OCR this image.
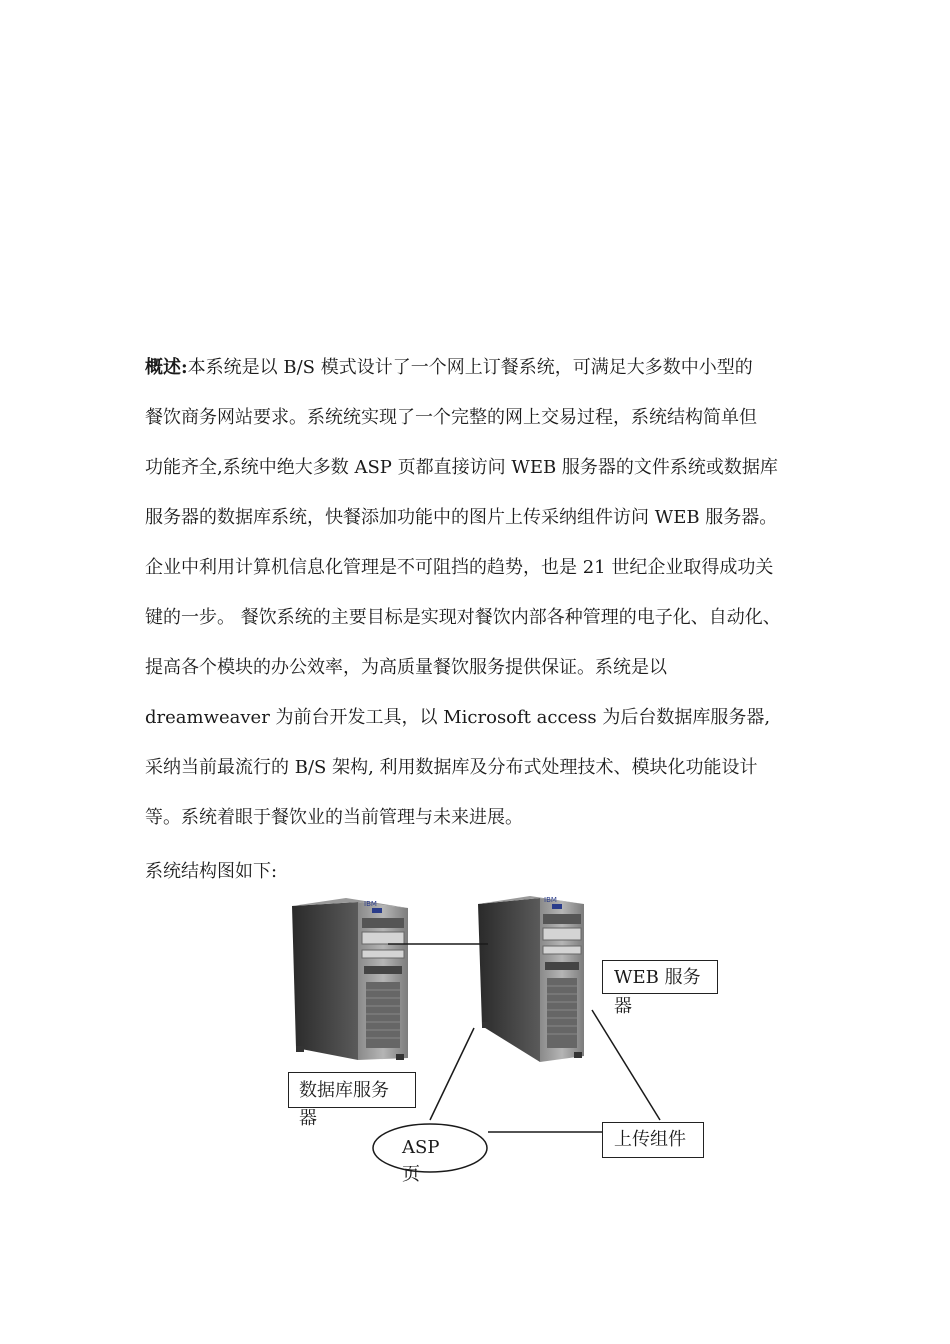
概述:本系统是以 B/S 模式设计了一个网上订餐系统，可满足大多数中小型的
餐饮商务网站要求。系统统实现了一个完整的网上交易过程，系统结构简单但
功能齐全,系统中绝大多数 ASP 页都直接访问 WEB 服务器的文件系统或数据库
服务器的数据库系统，快餐添加功能中的图片上传采纳组件访问 WEB 服务器。
企业中利用计算机信息化管理是不可阻挡的趋势，也是 21 世纪企业取得成功关
键的一步。 餐饮系统的主要目标是实现对餐饮内部各种管理的电子化、自动化、
提高各个模块的办公效率，为高质量餐饮服务提供保证。系统是以
dreamweaver 为前台开发工具，以 Microsoft access 为后台数据库服务器,
采纳当前最流行的 B/S 架构, 利用数据库及分布式处理技术、模块化功能设计
等。系统着眼于餐饮业的当前管理与未来进展。
系统结构图如下:
WEB 服务
器
数据库服务
器
ASP
页
上传组件
IBM	IBM
